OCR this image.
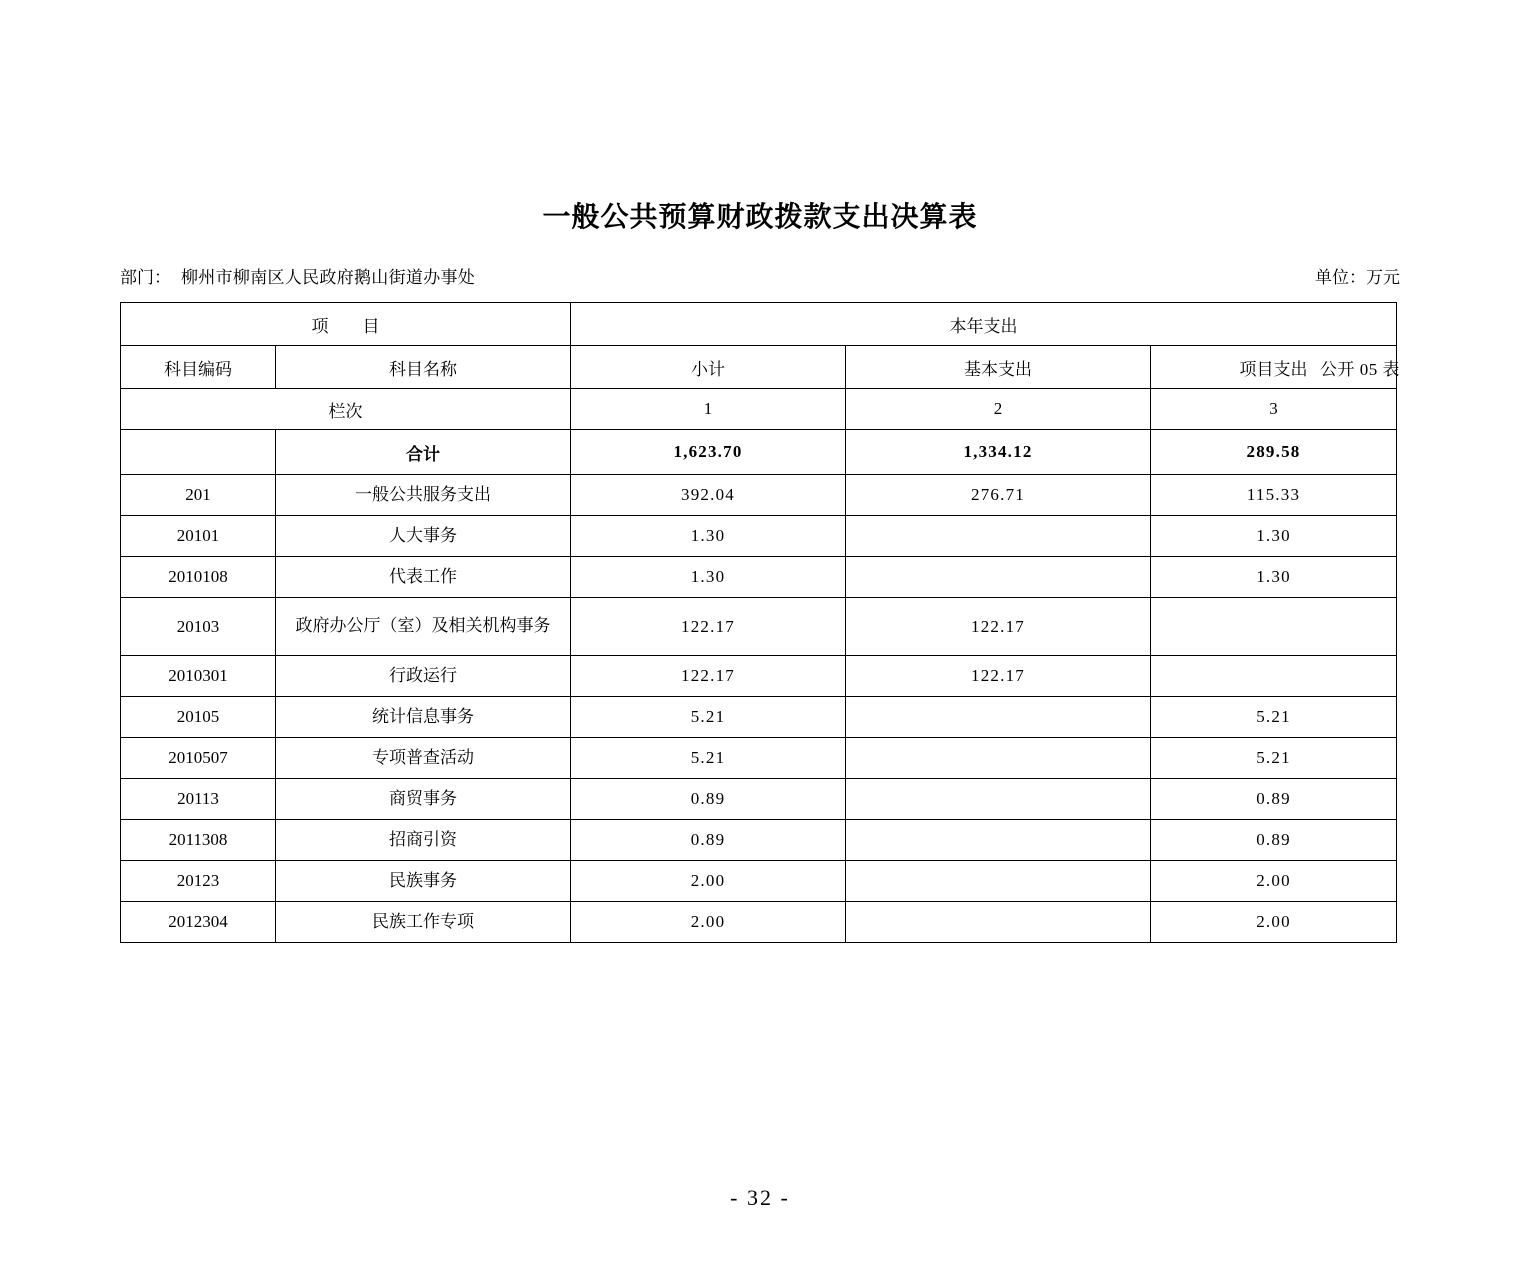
公开 05 表
一般公共预算财政拨款支出决算表
部门： 柳州市柳南区人民政府鹅山街道办事处	单位：万元
项　　目		本年支出		
科目编码	科目名称	小计	基本支出	项目支出
栏次		1	2	3
	合计	1,623.70	1,334.12	289.58
201	一般公共服务支出	392.04	276.71	115.33
20101	人大事务	1.30		1.30
2010108	代表工作	1.30		1.30
20103	政府办公厅（室）及相关机构事务	122.17	122.17	
2010301	行政运行	122.17	122.17	
20105	统计信息事务	5.21		5.21
2010507	专项普查活动	5.21		5.21
20113	商贸事务	0.89		0.89
2011308	招商引资	0.89		0.89
20123	民族事务	2.00		2.00
2012304	民族工作专项	2.00		2.00
- 32 -
